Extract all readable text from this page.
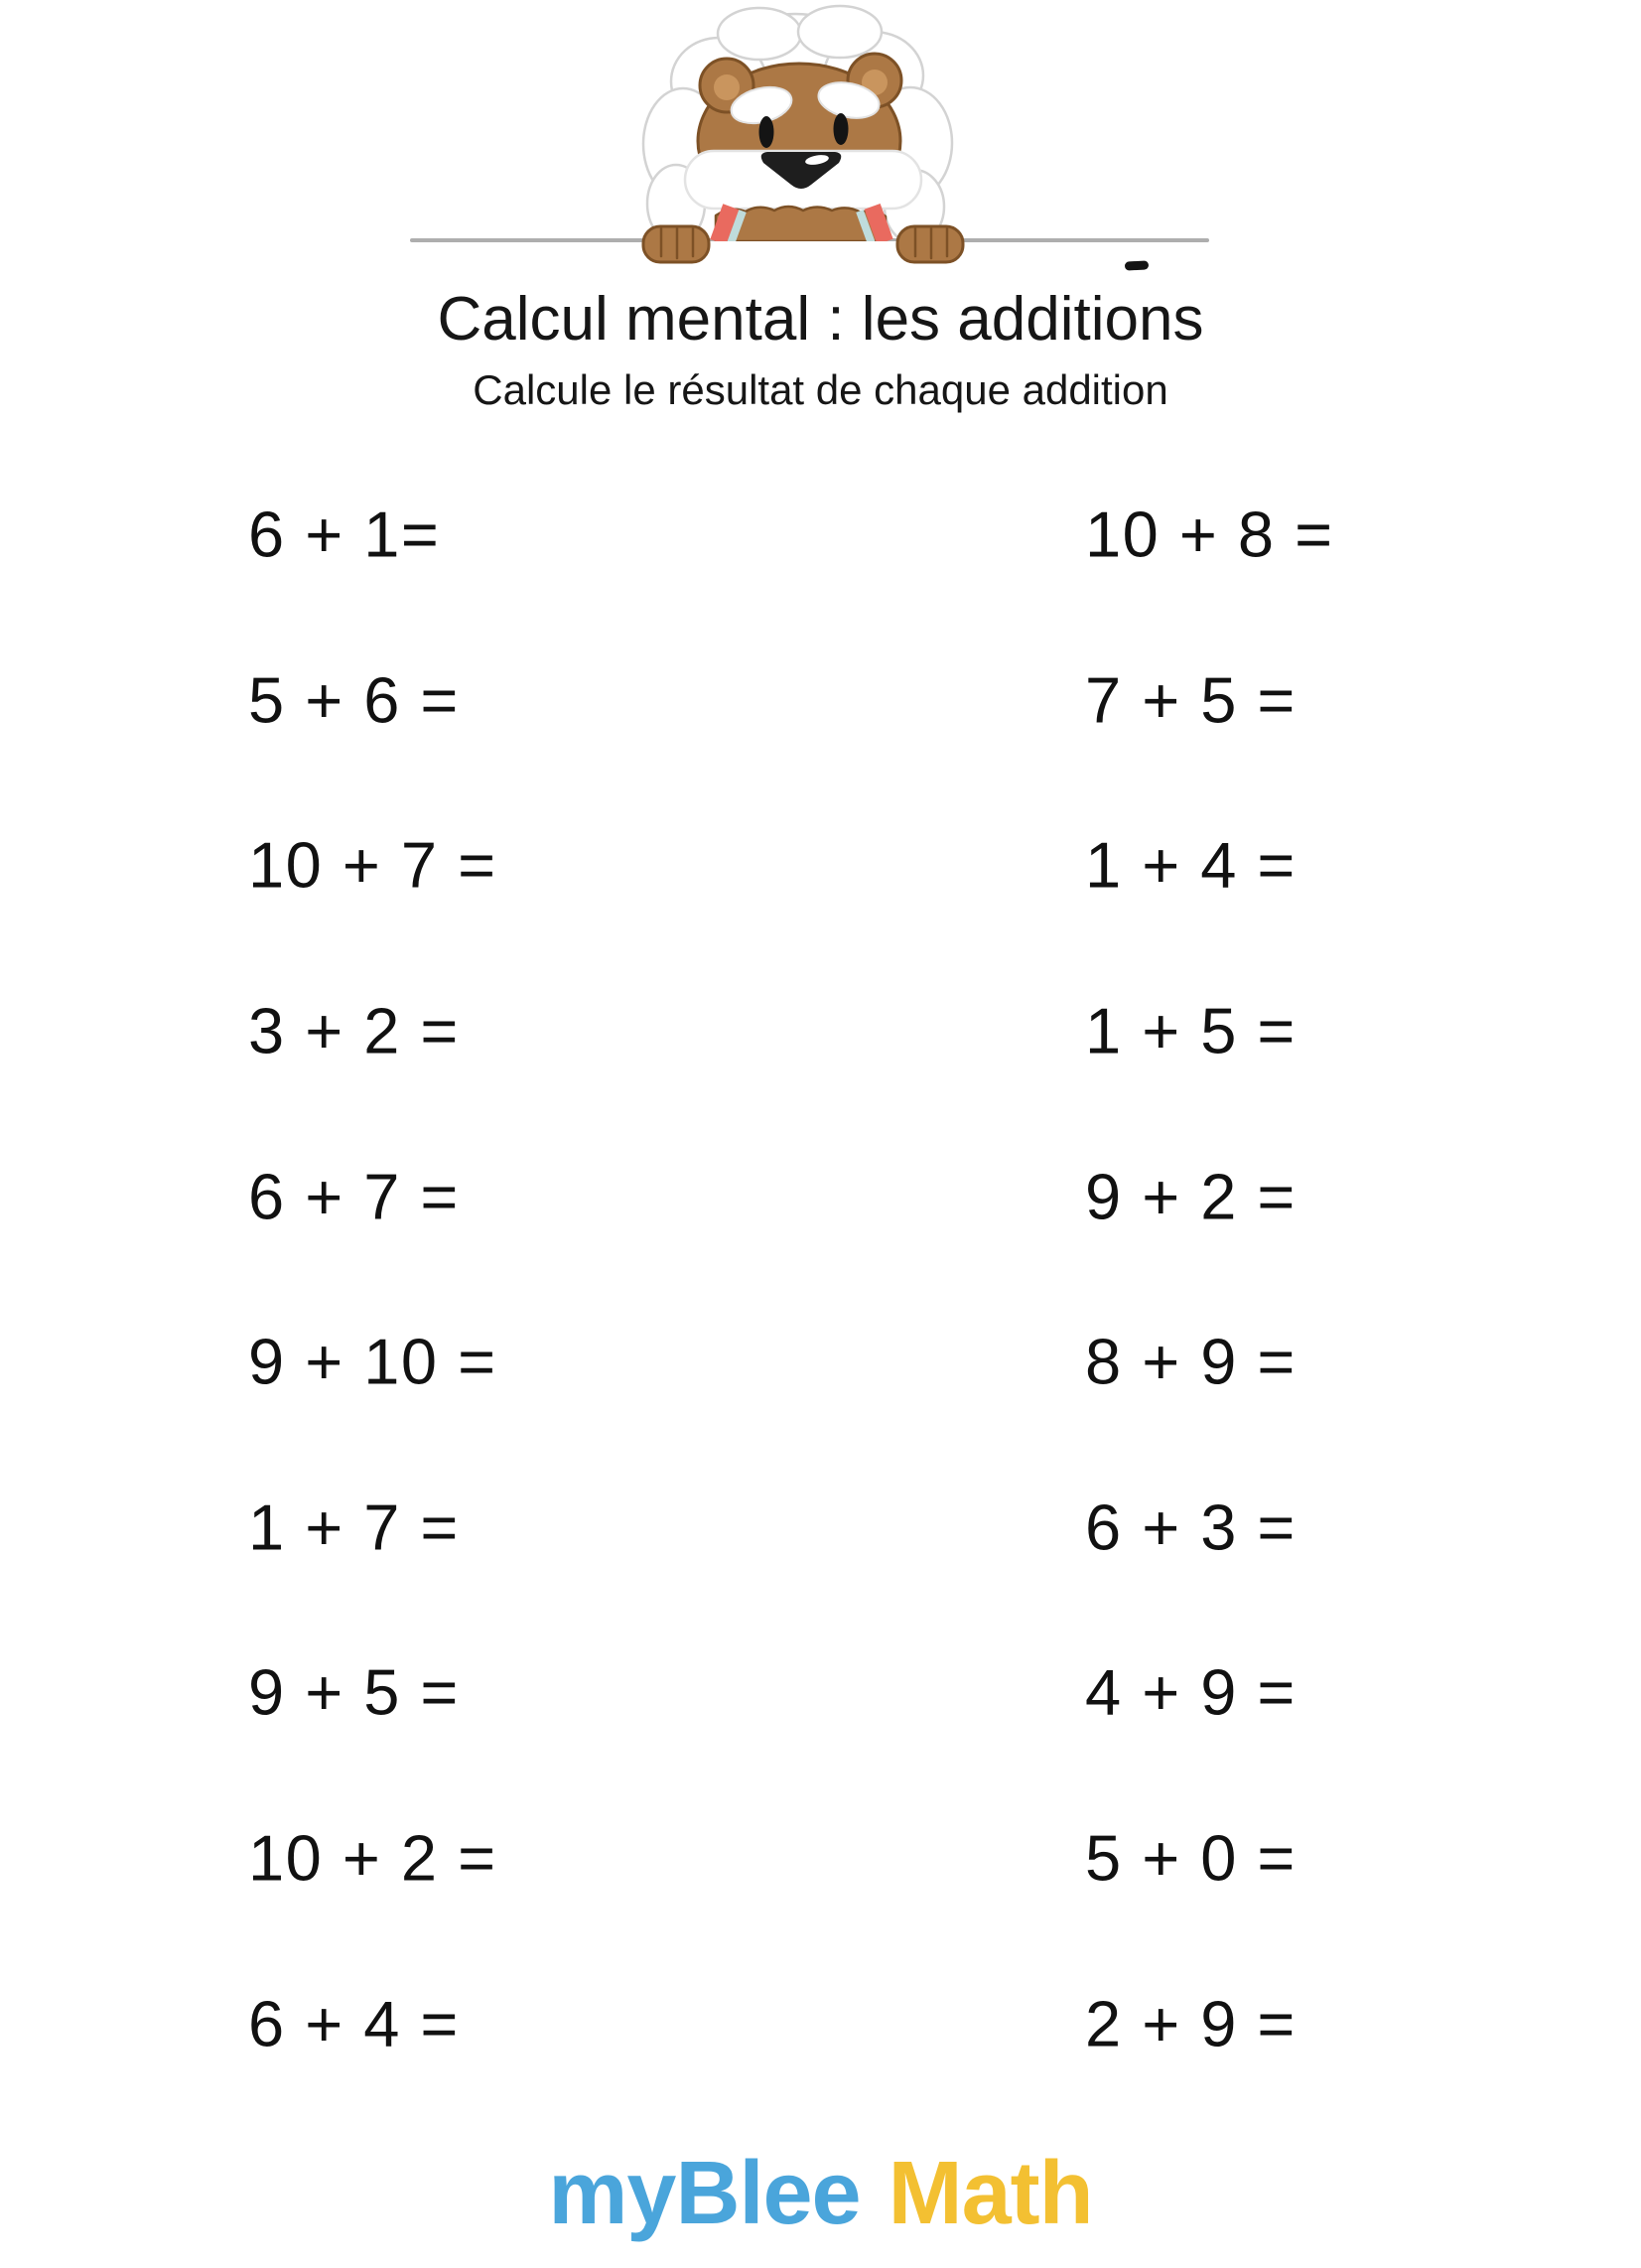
Calcul mental : les additions
Calcule le résultat de chaque addition
6 + 1=	10 + 8 =
5 + 6 =	7 + 5 =
10 + 7 =	1 + 4 =
3 + 2 =	1 + 5 =
6 + 7 =	9 + 2 =
9 + 10 =	8 + 9 =
1 + 7 =	6 + 3 =
9 + 5 =	4 + 9 =
10 + 2 =	5 + 0 =
6 + 4 =	2 + 9 =
myBlee Math
